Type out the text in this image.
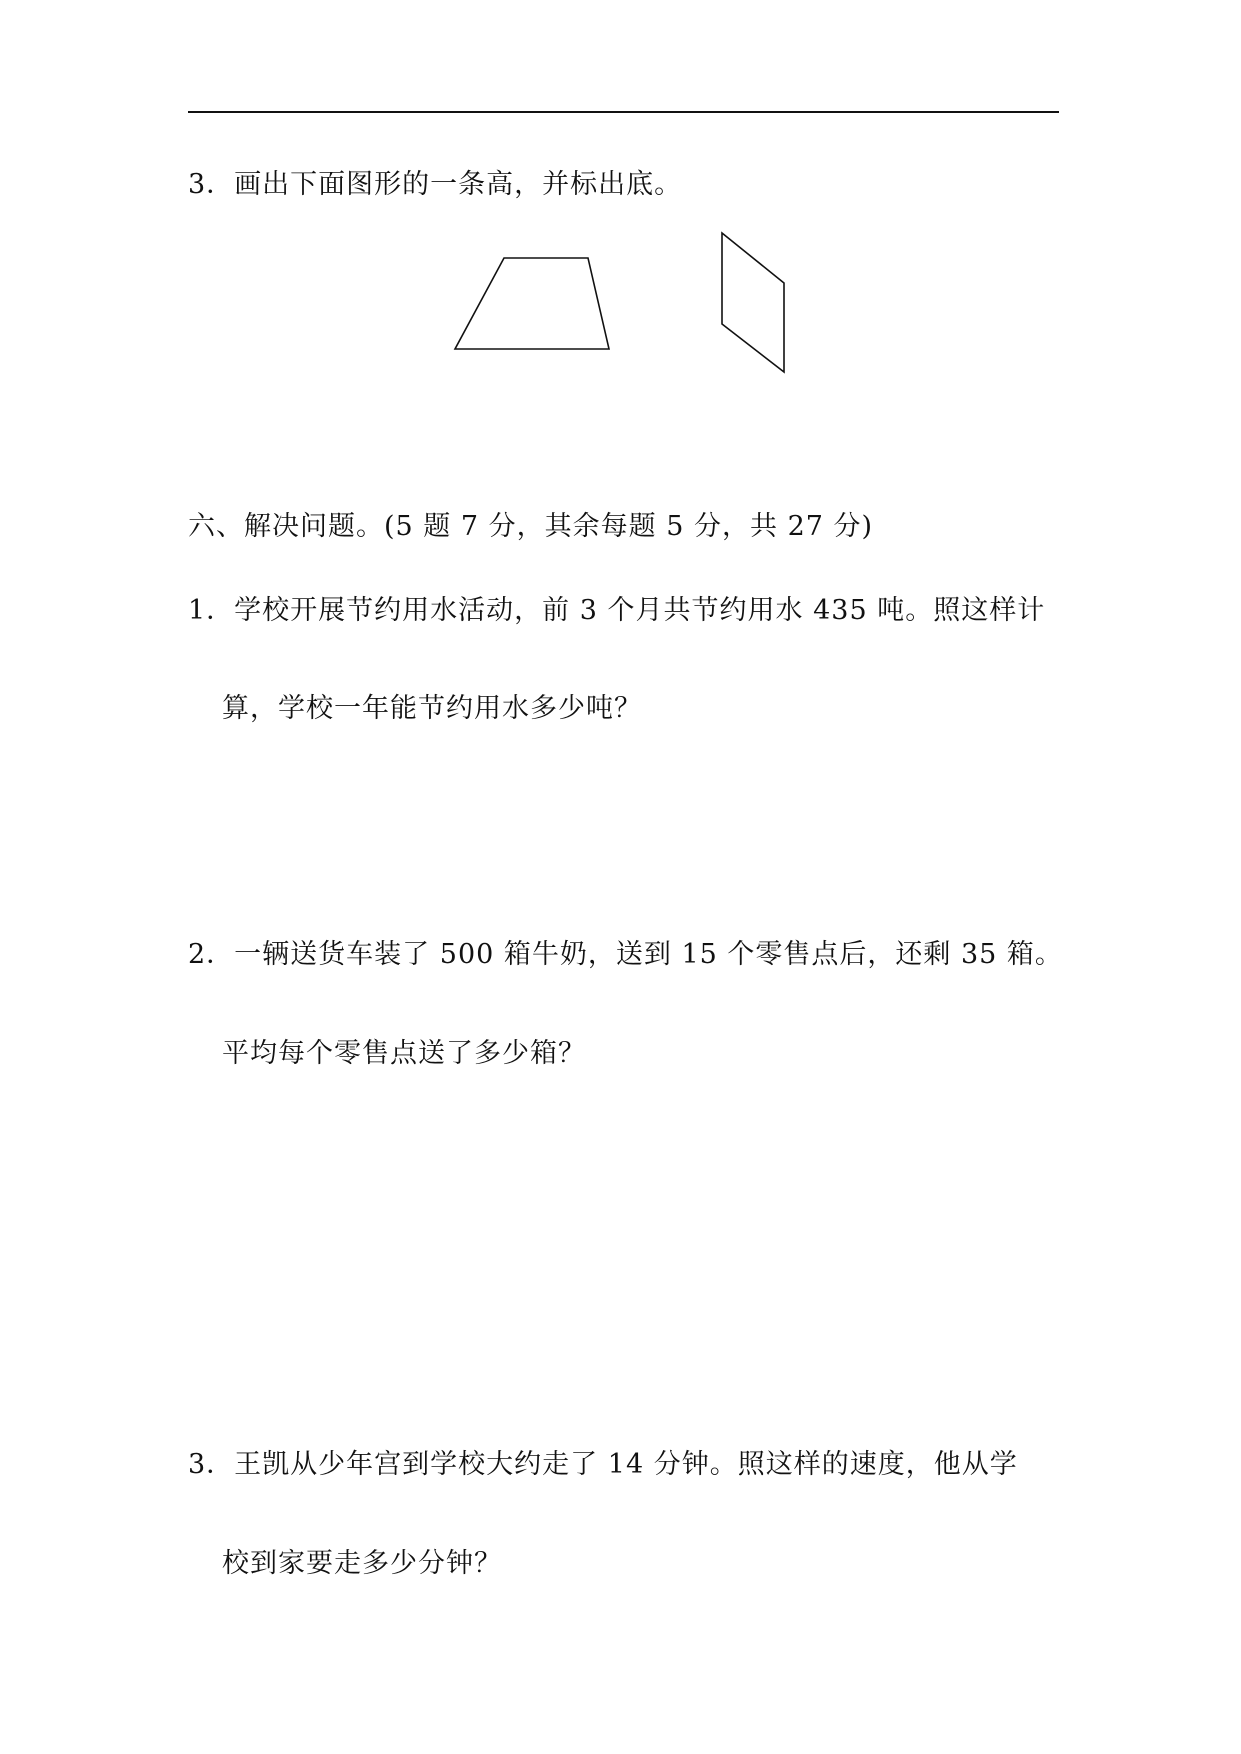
3．画出下面图形的一条高，并标出底。
六、解决问题。(5 题 7 分，其余每题 5 分，共 27 分)
1．学校开展节约用水活动，前 3 个月共节约用水 435 吨。照这样计
算，学校一年能节约用水多少吨？
2．一辆送货车装了 500 箱牛奶，送到 15 个零售点后，还剩 35 箱。
平均每个零售点送了多少箱？
3．王凯从少年宫到学校大约走了 14 分钟。照这样的速度，他从学
校到家要走多少分钟？
